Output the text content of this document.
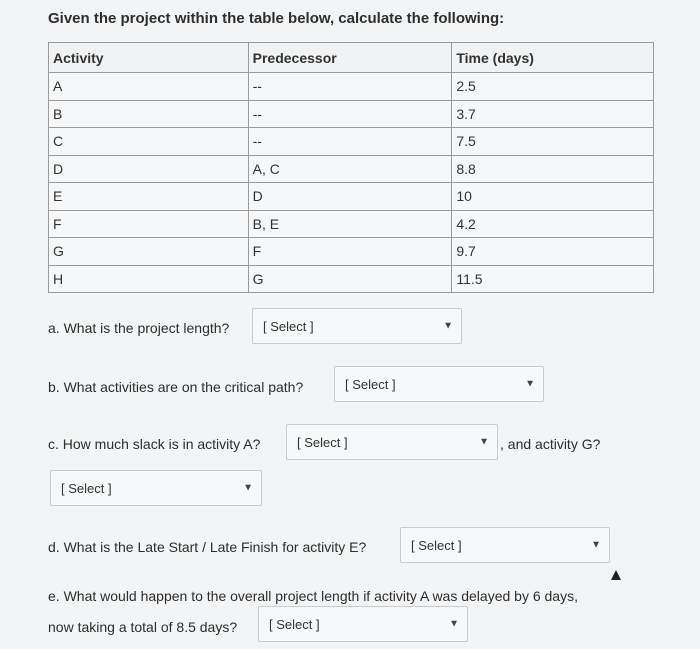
Given the project within the table below, calculate the following:
Activity	Predecessor	Time (days)
A	--	2.5
B	--	3.7
C	--	7.5
D	A, C	8.8
E	D	10
F	B, E	4.2
G	F	9.7
H	G	11.5
a. What is the project length?	[ Select ]	▼
b. What activities are on the critical path?	[ Select ]	▼
c. How much slack is in activity A?	[ Select ]	▼ , and activity G?
[ Select ]	▼
d. What is the Late Start / Late Finish for activity E?	[ Select ]	▼
e. What would happen to the overall project length if activity A was delayed by 6 days,
now taking a total of 8.5 days? [ Select ]	▼
